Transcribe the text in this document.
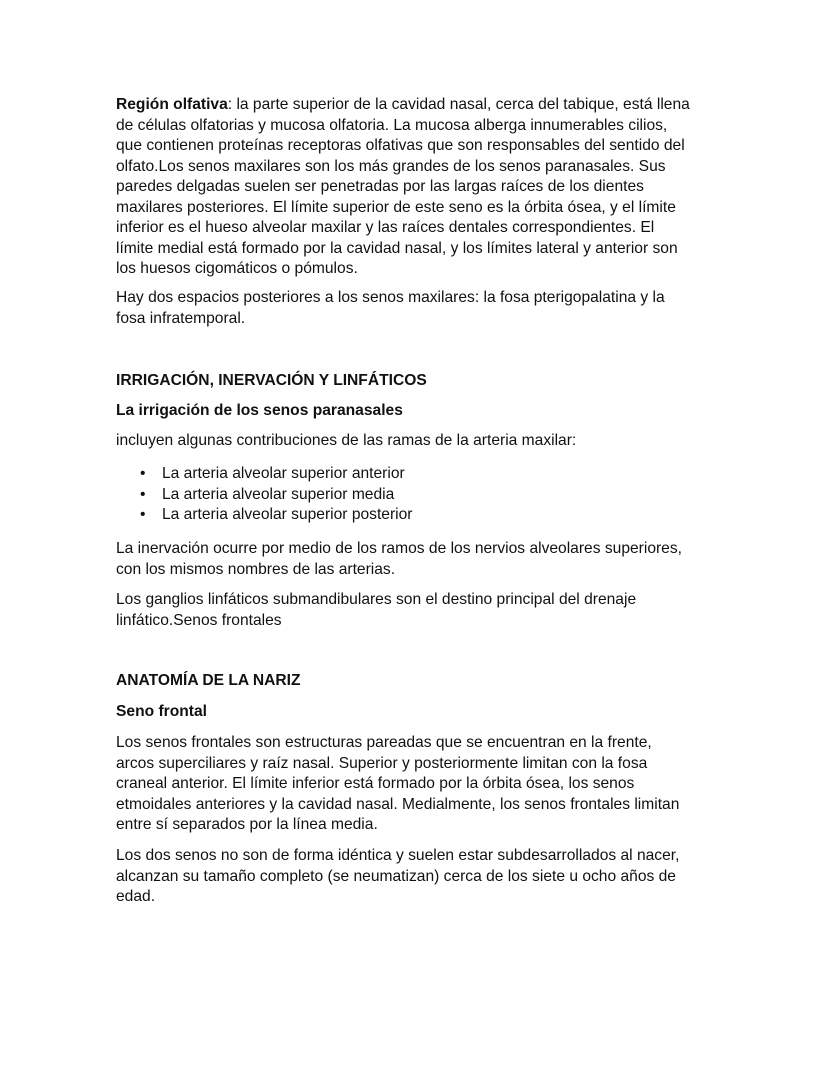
Región olfativa: la parte superior de la cavidad nasal, cerca del tabique, está llena
de células olfatorias y mucosa olfatoria. La mucosa alberga innumerables cilios,
que contienen proteínas receptoras olfativas que son responsables del sentido del
olfato.Los senos maxilares son los más grandes de los senos paranasales. Sus
paredes delgadas suelen ser penetradas por las largas raíces de los dientes
maxilares posteriores. El límite superior de este seno es la órbita ósea, y el límite
inferior es el hueso alveolar maxilar y las raíces dentales correspondientes. El
límite medial está formado por la cavidad nasal, y los límites lateral y anterior son
los huesos cigomáticos o pómulos.
Hay dos espacios posteriores a los senos maxilares: la fosa pterigopalatina y la
fosa infratemporal.
IRRIGACIÓN, INERVACIÓN Y LINFÁTICOS
La irrigación de los senos paranasales
incluyen algunas contribuciones de las ramas de la arteria maxilar:
• La arteria alveolar superior anterior
• La arteria alveolar superior media
• La arteria alveolar superior posterior
La inervación ocurre por medio de los ramos de los nervios alveolares superiores,
con los mismos nombres de las arterias.
Los ganglios linfáticos submandibulares son el destino principal del drenaje
linfático.Senos frontales
ANATOMÍA DE LA NARIZ
Seno frontal
Los senos frontales son estructuras pareadas que se encuentran en la frente,
arcos superciliares y raíz nasal. Superior y posteriormente limitan con la fosa
craneal anterior. El límite inferior está formado por la órbita ósea, los senos
etmoidales anteriores y la cavidad nasal. Medialmente, los senos frontales limitan
entre sí separados por la línea media.
Los dos senos no son de forma idéntica y suelen estar subdesarrollados al nacer,
alcanzan su tamaño completo (se neumatizan) cerca de los siete u ocho años de
edad.
